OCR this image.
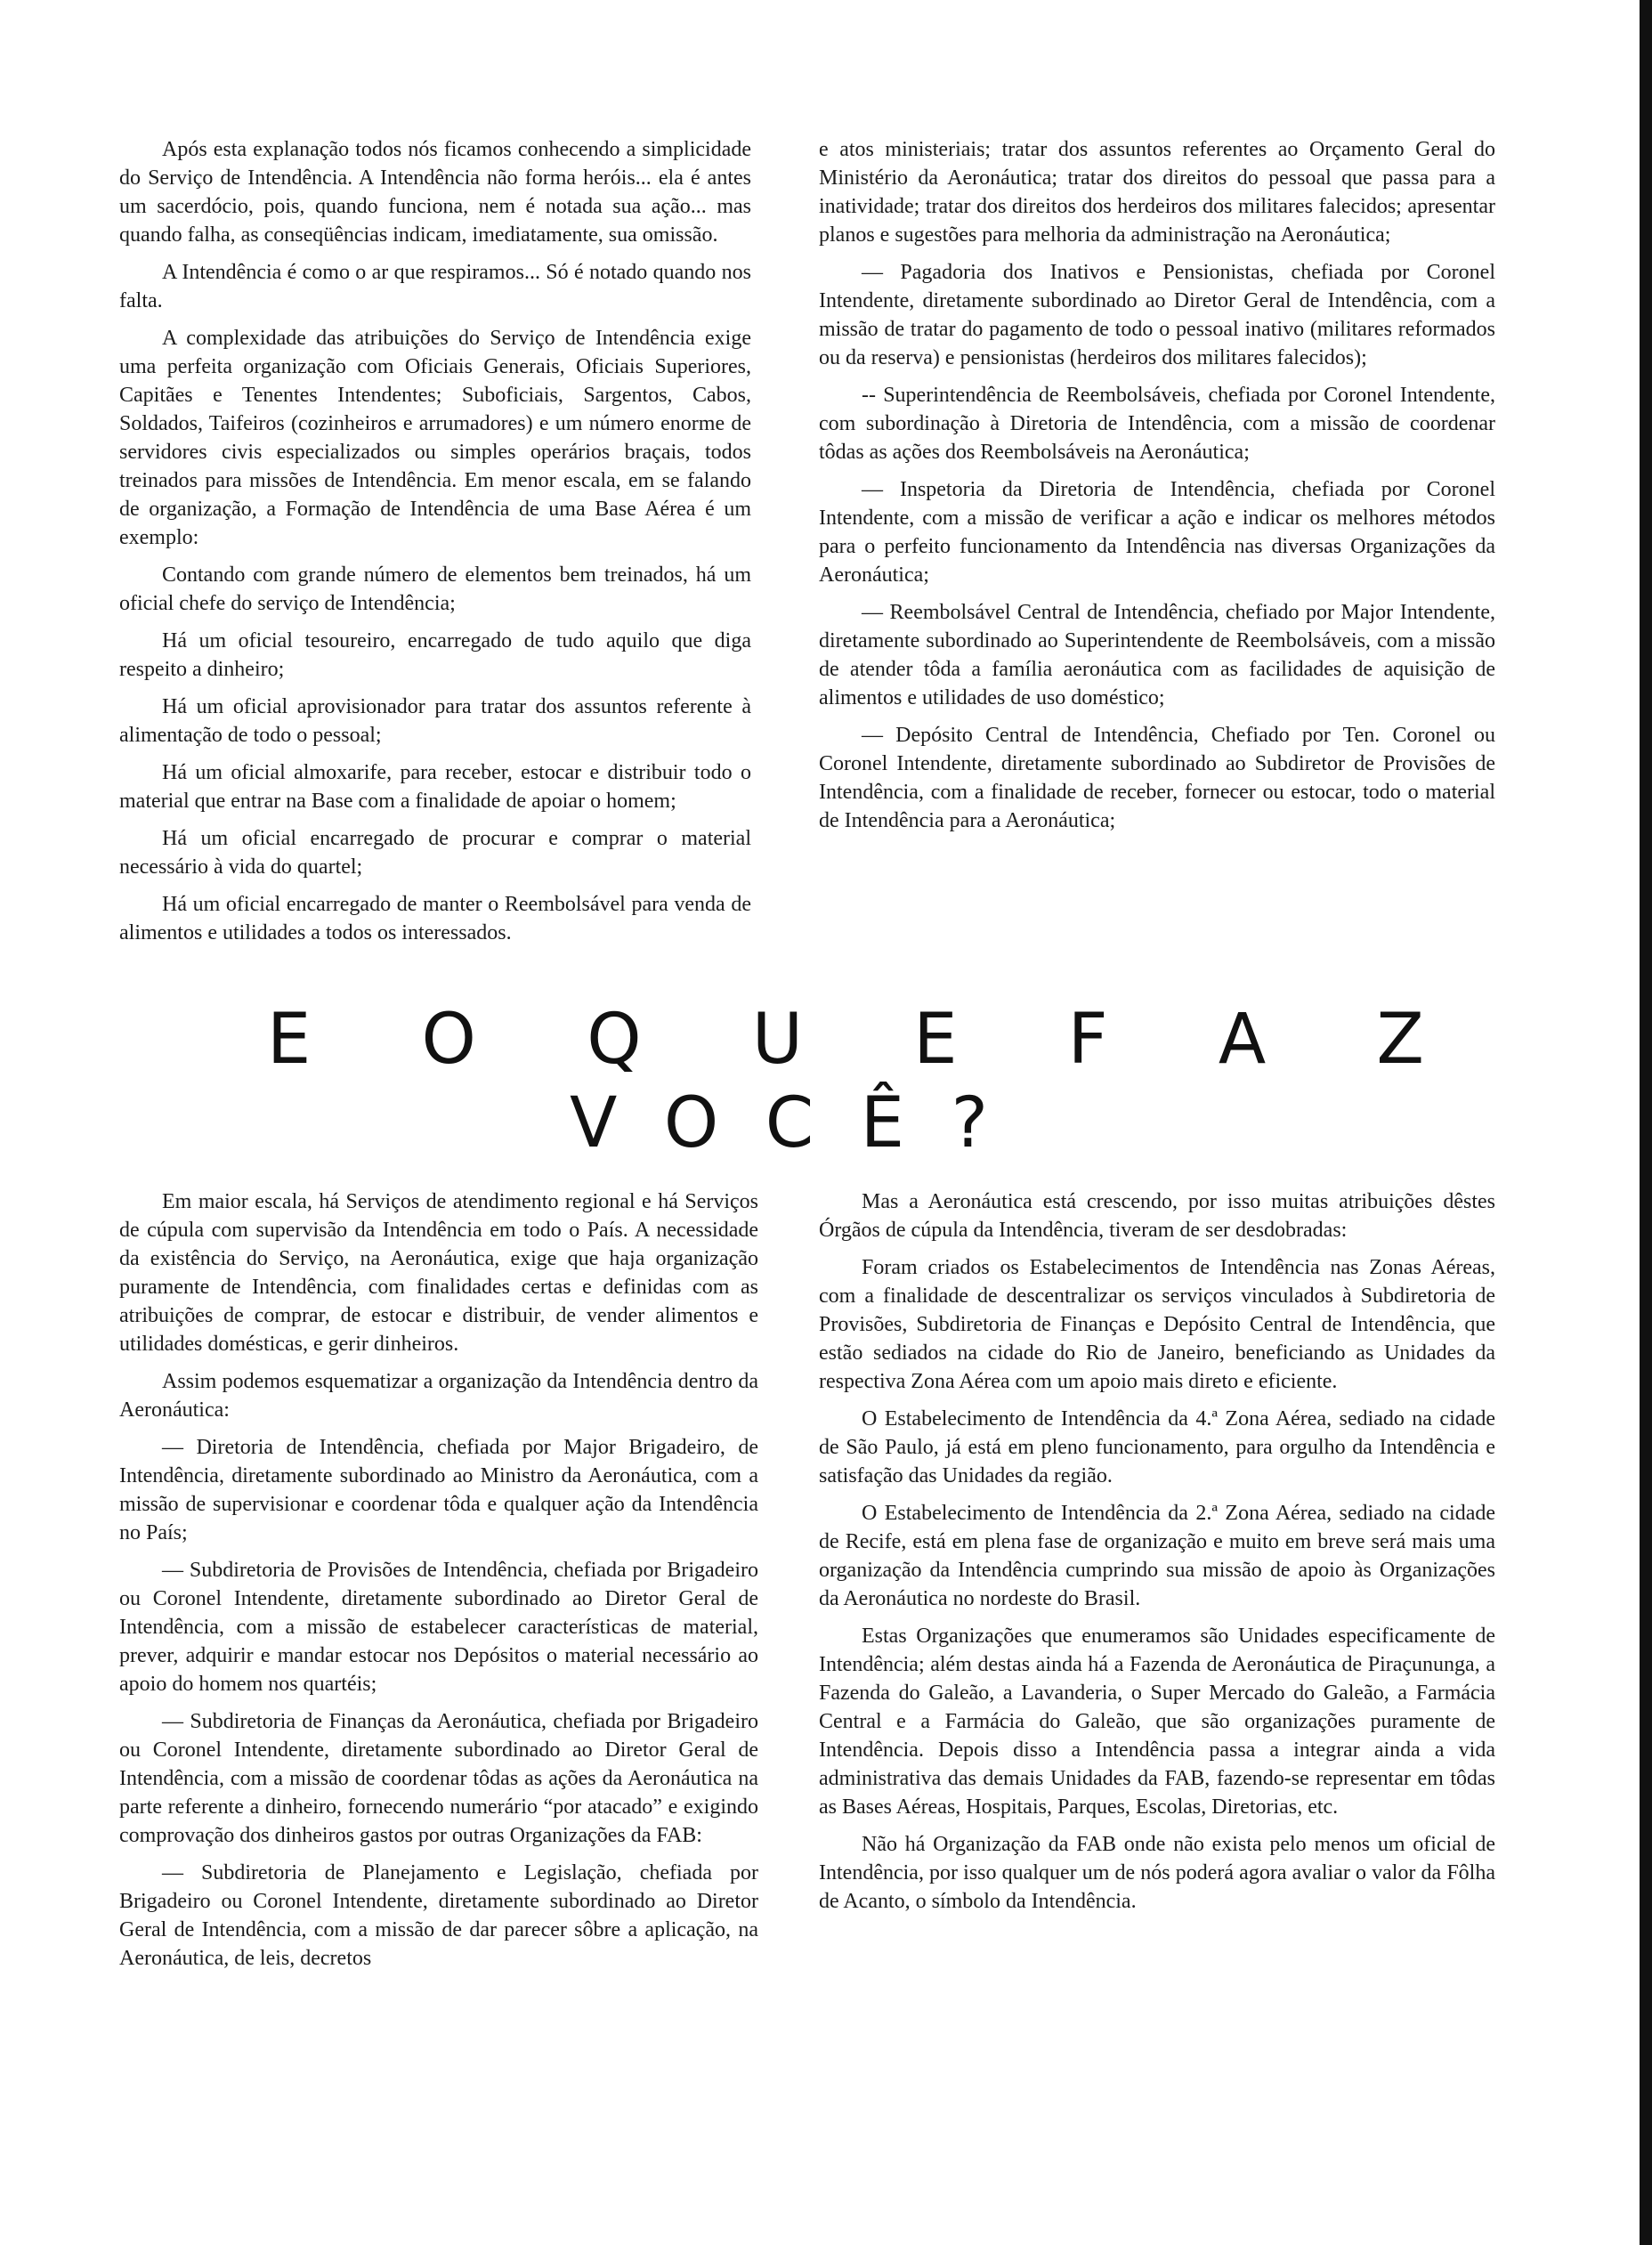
Após esta explanação todos nós ficamos conhecendo a simplicidade do Serviço de Intendência. A Intendência não forma heróis... ela é antes um sacerdócio, pois, quando funciona, nem é notada sua ação... mas quando falha, as conseqüências indicam, imediatamente, sua omissão.

A Intendência é como o ar que respiramos... Só é notado quando nos falta.

A complexidade das atribuições do Serviço de Intendência exige uma perfeita organização com Oficiais Generais, Oficiais Superiores, Capitães e Tenentes Intendentes; Suboficiais, Sargentos, Cabos, Soldados, Taifeiros (cozinheiros e arrumadores) e um número enorme de servidores civis especializados ou simples operários braçais, todos treinados para missões de Intendência. Em menor escala, em se falando de organização, a Formação de Intendência de uma Base Aérea é um exemplo:

Contando com grande número de elementos bem treinados, há um oficial chefe do serviço de Intendência;

Há um oficial tesoureiro, encarregado de tudo aquilo que diga respeito a dinheiro;

Há um oficial aprovisionador para tratar dos assuntos referente à alimentação de todo o pessoal;

Há um oficial almoxarife, para receber, estocar e distribuir todo o material que entrar na Base com a finalidade de apoiar o homem;

Há um oficial encarregado de procurar e comprar o material necessário à vida do quartel;

Há um oficial encarregado de manter o Reembolsável para venda de alimentos e utilidades a todos os interessados.

e atos ministeriais; tratar dos assuntos referentes ao Orçamento Geral do Ministério da Aeronáutica; tratar dos direitos do pessoal que passa para a inatividade; tratar dos direitos dos herdeiros dos militares falecidos; apresentar planos e sugestões para melhoria da administração na Aeronáutica;

— Pagadoria dos Inativos e Pensionistas, chefiada por Coronel Intendente, diretamente subordinado ao Diretor Geral de Intendência, com a missão de tratar do pagamento de todo o pessoal inativo (militares reformados ou da reserva) e pensionistas (herdeiros dos militares falecidos);

-- Superintendência de Reembolsáveis, chefiada por Coronel Intendente, com subordinação à Diretoria de Intendência, com a missão de coordenar tôdas as ações dos Reembolsáveis na Aeronáutica;

— Inspetoria da Diretoria de Intendência, chefiada por Coronel Intendente, com a missão de verificar a ação e indicar os melhores métodos para o perfeito funcionamento da Intendência nas diversas Organizações da Aeronáutica;

— Reembolsável Central de Intendência, chefiado por Major Intendente, diretamente subordinado ao Superintendente de Reembolsáveis, com a missão de atender tôda a família aeronáutica com as facilidades de aquisição de alimentos e utilidades de uso doméstico;

— Depósito Central de Intendência, Chefiado por Ten. Coronel ou Coronel Intendente, diretamente subordinado ao Subdiretor de Provisões de Intendência, com a finalidade de receber, fornecer ou estocar, todo o material de Intendência para a Aeronáutica;

E O Q U E F A Z
V O C Ê ?

Em maior escala, há Serviços de atendimento regional e há Serviços de cúpula com supervisão da Intendência em todo o País. A necessidade da existência do Serviço, na Aeronáutica, exige que haja organização puramente de Intendência, com finalidades certas e definidas com as atribuições de comprar, de estocar e distribuir, de vender alimentos e utilidades domésticas, e gerir dinheiros.

Assim podemos esquematizar a organização da Intendência dentro da Aeronáutica:

— Diretoria de Intendência, chefiada por Major Brigadeiro, de Intendência, diretamente subordinado ao Ministro da Aeronáutica, com a missão de supervisionar e coordenar tôda e qualquer ação da Intendência no País;

— Subdiretoria de Provisões de Intendência, chefiada por Brigadeiro ou Coronel Intendente, diretamente subordinado ao Diretor Geral de Intendência, com a missão de estabelecer características de material, prever, adquirir e mandar estocar nos Depósitos o material necessário ao apoio do homem nos quartéis;

— Subdiretoria de Finanças da Aeronáutica, chefiada por Brigadeiro ou Coronel Intendente, diretamente subordinado ao Diretor Geral de Intendência, com a missão de coordenar tôdas as ações da Aeronáutica na parte referente a dinheiro, fornecendo numerário “por atacado” e exigindo comprovação dos dinheiros gastos por outras Organizações da FAB:

— Subdiretoria de Planejamento e Legislação, chefiada por Brigadeiro ou Coronel Intendente, diretamente subordinado ao Diretor Geral de Intendência, com a missão de dar parecer sôbre a aplicação, na Aeronáutica, de leis, decretos

Mas a Aeronáutica está crescendo, por isso muitas atribuições dêstes Órgãos de cúpula da Intendência, tiveram de ser desdobradas:

Foram criados os Estabelecimentos de Intendência nas Zonas Aéreas, com a finalidade de descentralizar os serviços vinculados à Subdiretoria de Provisões, Subdiretoria de Finanças e Depósito Central de Intendência, que estão sediados na cidade do Rio de Janeiro, beneficiando as Unidades da respectiva Zona Aérea com um apoio mais direto e eficiente.

O Estabelecimento de Intendência da 4.ª Zona Aérea, sediado na cidade de São Paulo, já está em pleno funcionamento, para orgulho da Intendência e satisfação das Unidades da região.

O Estabelecimento de Intendência da 2.ª Zona Aérea, sediado na cidade de Recife, está em plena fase de organização e muito em breve será mais uma organização da Intendência cumprindo sua missão de apoio às Organizações da Aeronáutica no nordeste do Brasil.

Estas Organizações que enumeramos são Unidades especificamente de Intendência; além destas ainda há a Fazenda de Aeronáutica de Piraçununga, a Fazenda do Galeão, a Lavanderia, o Super Mercado do Galeão, a Farmácia Central e a Farmácia do Galeão, que são organizações puramente de Intendência. Depois disso a Intendência passa a integrar ainda a vida administrativa das demais Unidades da FAB, fazendo-se representar em tôdas as Bases Aéreas, Hospitais, Parques, Escolas, Diretorias, etc.

Não há Organização da FAB onde não exista pelo menos um oficial de Intendência, por isso qualquer um de nós poderá agora avaliar o valor da Fôlha de Acanto, o símbolo da Intendência.
